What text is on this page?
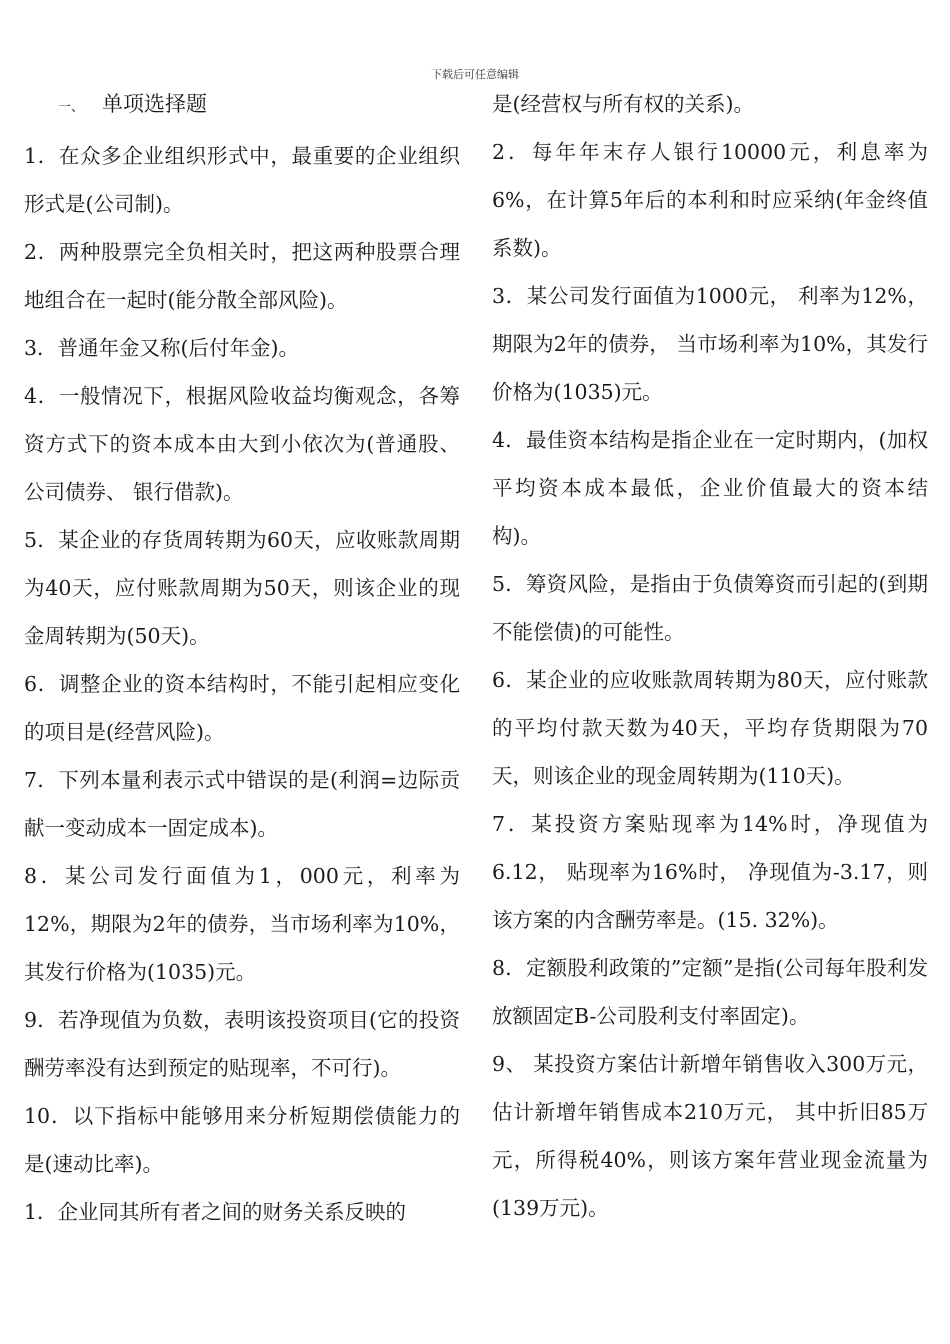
下载后可任意编辑

一、 单项选择题

1．在众多企业组织形式中，最重要的企业组织形式是(公司制)。

2．两种股票完全负相关时，把这两种股票合理地组合在一起时(能分散全部风险)。

3．普通年金又称(后付年金)。

4．一般情况下，根据风险收益均衡观念，各筹资方式下的资本成本由大到小依次为(普通股、 公司债券、 银行借款)。

5．某企业的存货周转期为60天，应收账款周期为40天，应付账款周期为50天，则该企业的现金周转期为(50天)。

6．调整企业的资本结构时，不能引起相应变化的项目是(经营风险)。

7．下列本量利表示式中错误的是(利润=边际贡献一变动成本一固定成本)。

8．某公司发行面值为1，000元，利率为12%，期限为2年的债券，当市场利率为10%，其发行价格为(1035)元。

9．若净现值为负数，表明该投资项目(它的投资酬劳率没有达到预定的贴现率，不可行)。

10．以下指标中能够用来分析短期偿债能力的是(速动比率)。

1．企业同其所有者之间的财务关系反映的

是(经营权与所有权的关系)。

2．每年年末存人银行10000元，利息率为6%，在计算5年后的本利和时应采纳(年金终值系数)。

3．某公司发行面值为1000元， 利率为12%， 期限为2年的债券， 当市场利率为10%，其发行价格为(1035)元。

4．最佳资本结构是指企业在一定时期内，(加权平均资本成本最低，企业价值最大的资本结构)。

5．筹资风险，是指由于负债筹资而引起的(到期不能偿债)的可能性。

6．某企业的应收账款周转期为80天，应付账款的平均付款天数为40天，平均存货期限为70天，则该企业的现金周转期为(110天)。

7．某投资方案贴现率为14%时，净现值为6.12， 贴现率为16%时， 净现值为-3.17，则该方案的内含酬劳率是。(15. 32%)。

8．定额股利政策的”定额”是指(公司每年股利发放额固定B-公司股利支付率固定)。

9、 某投资方案估计新增年销售收入300万元， 估计新增年销售成本210万元， 其中折旧85万元，所得税40%，则该方案年营业现金流量为(139万元)。
